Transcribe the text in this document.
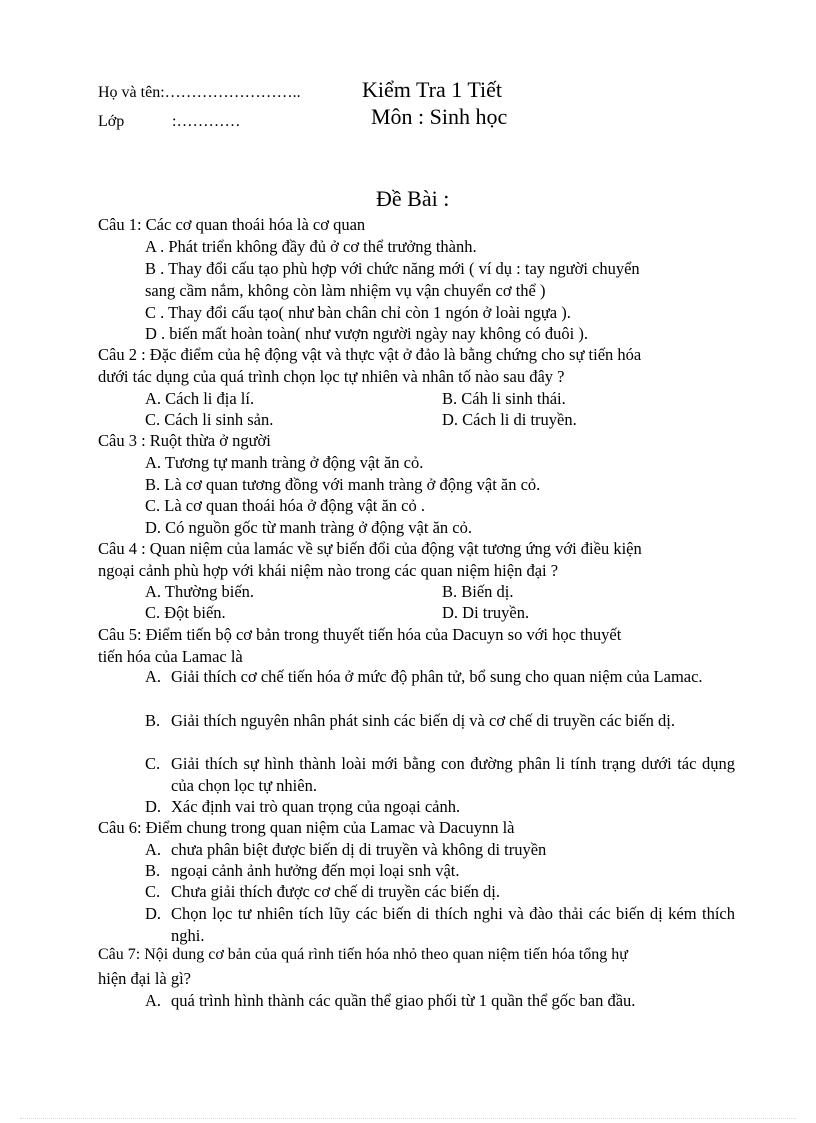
Họ và tên:……………………..	Kiểm Tra 1 Tiết
Lớp	:…………	Môn : Sinh học
Đề Bài :
Câu 1: Các cơ quan thoái hóa là cơ quan
A . Phát triển không đầy đủ ở cơ thể trưởng thành.
B . Thay đổi cấu tạo phù hợp với chức năng mới ( ví dụ : tay người chuyển
sang cầm nắm, không còn làm nhiệm vụ vận chuyển cơ thể )
C . Thay đổi cấu tạo( như bàn chân chỉ còn 1 ngón ở loài ngựa ).
D . biến mất hoàn toàn( như vượn người ngày nay không có đuôi ).
Câu 2 : Đặc điểm của hệ động vật và thực vật ở đảo là bằng chứng cho sự tiến hóa
dưới tác dụng của quá trình chọn lọc tự nhiên và nhân tố nào sau đây ?
A. Cách li địa lí.	B. Cáh li sinh thái.
C. Cách li sinh sản.	D. Cách li di truyền.
Câu 3 : Ruột thừa ở người
A. Tương tự manh tràng ở động vật ăn cỏ.
B. Là cơ quan tương đồng với manh tràng ở động vật ăn cỏ.
C. Là cơ quan thoái hóa ở động vật ăn cỏ .
D. Có nguồn gốc từ manh tràng ở động vật ăn cỏ.
Câu 4 : Quan niệm của lamác về sự biến đổi của động vật tương ứng với điều kiện
ngoại cảnh phù hợp với khái niệm nào trong các quan niệm hiện đại ?
A. Thường biến.	B. Biến dị.
C. Đột biến.	D. Di truyền.
Câu 5: Điểm tiến bộ cơ bản trong thuyết tiến hóa của Dacuyn so với học thuyết
tiến hóa của Lamac là
A. Giải thích cơ chế tiến hóa ở mức độ phân tử, bổ sung cho quan niệm của Lamac.
B. Giải thích nguyên nhân phát sinh các biến dị và cơ chế di truyền các biến dị.
C. Giải thích sự hình thành loài mới bằng con đường phân li tính trạng dưới tác dụng của chọn lọc tự nhiên.
D. Xác định vai trò quan trọng của ngoại cảnh.
Câu 6: Điểm chung trong quan niệm của Lamac và Dacuynn là
A. chưa phân biệt được biến dị di truyền và không di truyền
B. ngoại cảnh ảnh hưởng đến mọi loại snh vật.
C. Chưa giải thích được cơ chế di truyền các biến dị.
D. Chọn lọc tư nhiên tích lũy các biến di thích nghi và đào thải các biến dị kém thích nghi.
Câu 7: Nội dung cơ bản của quá rình tiến hóa nhỏ theo quan niệm tiến hóa tổng hự
hiện đại là gì?
A. quá trình hình thành các quần thể giao phối từ 1 quần thể gốc ban đầu.
